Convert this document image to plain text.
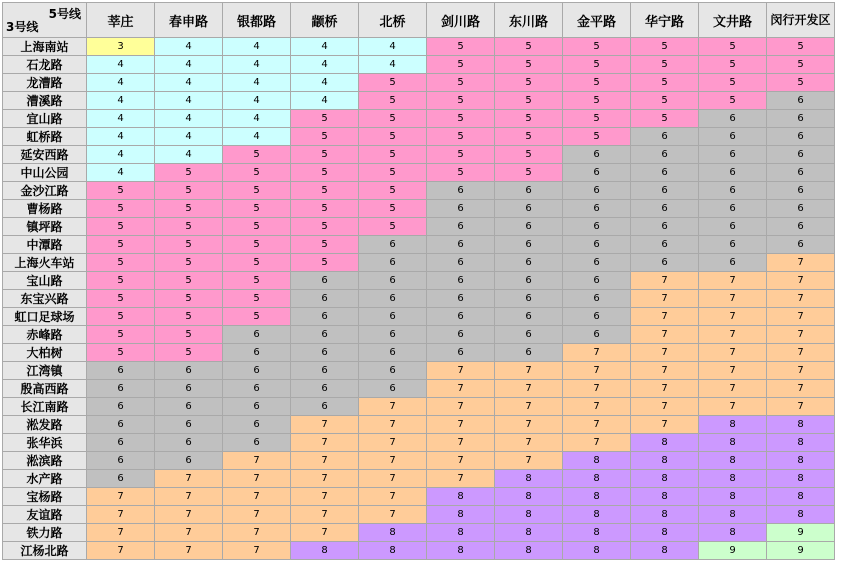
5号线
3号线	莘庄	春申路	银都路	颛桥	北桥	剑川路	东川路	金平路	华宁路	文井路	闵行开发区
上海南站	3	4	4	4	4	5	5	5	5	5	5
石龙路	4	4	4	4	4	5	5	5	5	5	5
龙漕路	4	4	4	4	5	5	5	5	5	5	5
漕溪路	4	4	4	4	5	5	5	5	5	5	6
宜山路	4	4	4	5	5	5	5	5	5	6	6
虹桥路	4	4	4	5	5	5	5	5	6	6	6
延安西路	4	4	5	5	5	5	5	6	6	6	6
中山公园	4	5	5	5	5	5	5	6	6	6	6
金沙江路	5	5	5	5	5	6	6	6	6	6	6
曹杨路	5	5	5	5	5	6	6	6	6	6	6
镇坪路	5	5	5	5	5	6	6	6	6	6	6
中潭路	5	5	5	5	6	6	6	6	6	6	6
上海火车站	5	5	5	5	6	6	6	6	6	6	7
宝山路	5	5	5	6	6	6	6	6	7	7	7
东宝兴路	5	5	5	6	6	6	6	6	7	7	7
虹口足球场	5	5	5	6	6	6	6	6	7	7	7
赤峰路	5	5	6	6	6	6	6	6	7	7	7
大柏树	5	5	6	6	6	6	6	7	7	7	7
江湾镇	6	6	6	6	6	7	7	7	7	7	7
殷高西路	6	6	6	6	6	7	7	7	7	7	7
长江南路	6	6	6	6	7	7	7	7	7	7	7
淞发路	6	6	6	7	7	7	7	7	7	8	8
张华浜	6	6	6	7	7	7	7	7	8	8	8
淞滨路	6	6	7	7	7	7	7	8	8	8	8
水产路	6	7	7	7	7	7	8	8	8	8	8
宝杨路	7	7	7	7	7	8	8	8	8	8	8
友谊路	7	7	7	7	7	8	8	8	8	8	8
铁力路	7	7	7	7	8	8	8	8	8	8	9
江杨北路	7	7	7	8	8	8	8	8	8	9	9
